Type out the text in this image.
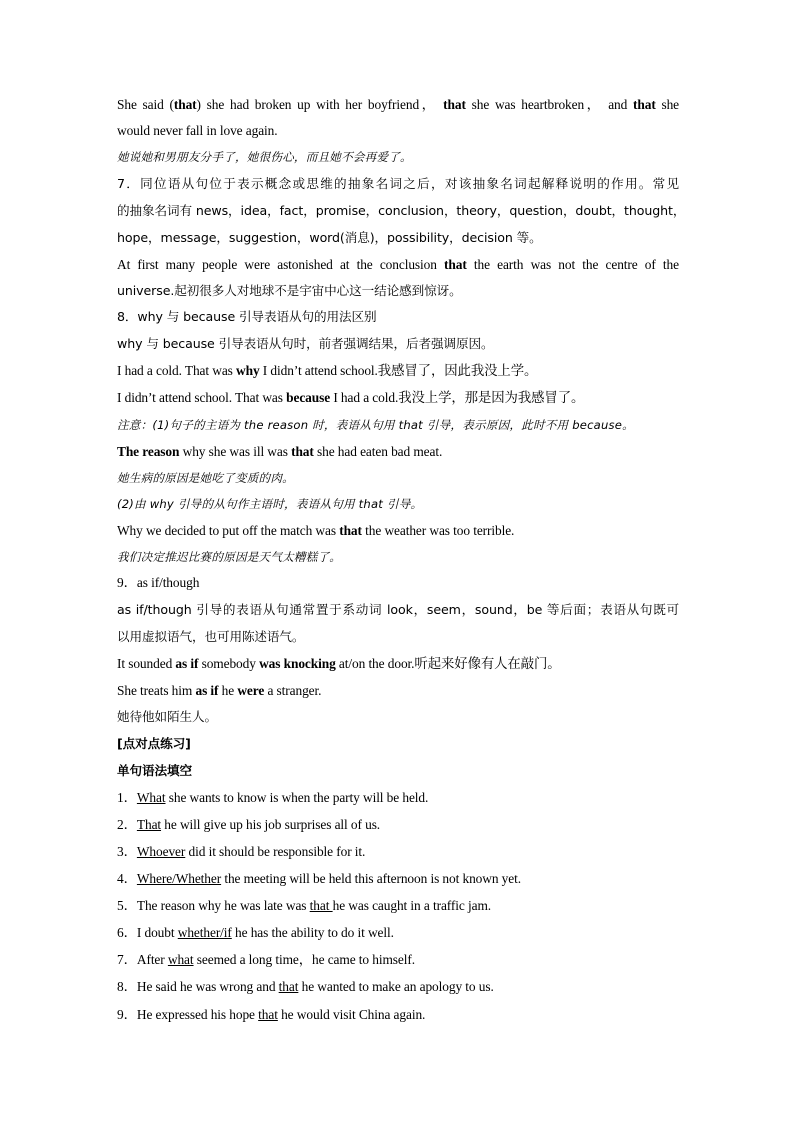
She said (that) she had broken up with her boyfriend， that she was heartbroken， and that she
would never fall in love again.
她说她和男朋友分手了，她很伤心，而且她不会再爱了。
7．同位语从句位于表示概念或思维的抽象名词之后，对该抽象名词起解释说明的作用。常见
的抽象名词有 news，idea，fact，promise，conclusion，theory，question，doubt，thought，
hope，message，suggestion，word(消息)，possibility，decision 等。
At first many people were astonished at the conclusion that the earth was not the centre of the
universe.起初很多人对地球不是宇宙中心这一结论感到惊讶。
8．why 与 because 引导表语从句的用法区别
why 与 because 引导表语从句时，前者强调结果，后者强调原因。
I had a cold. That was why I didn’t attend school.我感冒了，因此我没上学。
I didn’t attend school. That was because I had a cold.我没上学，那是因为我感冒了。
注意：(1)句子的主语为 the reason 时，表语从句用 that 引导，表示原因，此时不用 because。
The reason why she was ill was that she had eaten bad meat.
她生病的原因是她吃了变质的肉。
(2)由 why 引导的从句作主语时，表语从句用 that 引导。
Why we decided to put off the match was that the weather was too terrible.
我们决定推迟比赛的原因是天气太糟糕了。
9．as if/though
as if/though 引导的表语从句通常置于系动词 look，seem，sound，be 等后面；表语从句既可
以用虚拟语气，也可用陈述语气。
It sounded as if somebody was knocking at/on the door.听起来好像有人在敲门。
She treats him as if he were a stranger.
她待他如陌生人。
[点对点练习]
单句语法填空
1．What she wants to know is when the party will be held.
2．That he will give up his job surprises all of us.
3．Whoever did it should be responsible for it.
4．Where/Whether the meeting will be held this afternoon is not known yet.
5．The reason why he was late was that he was caught in a traffic jam.
6．I doubt whether/if he has the ability to do it well.
7．After what seemed a long time，he came to himself.
8．He said he was wrong and that he wanted to make an apology to us.
9．He expressed his hope that he would visit China again.
